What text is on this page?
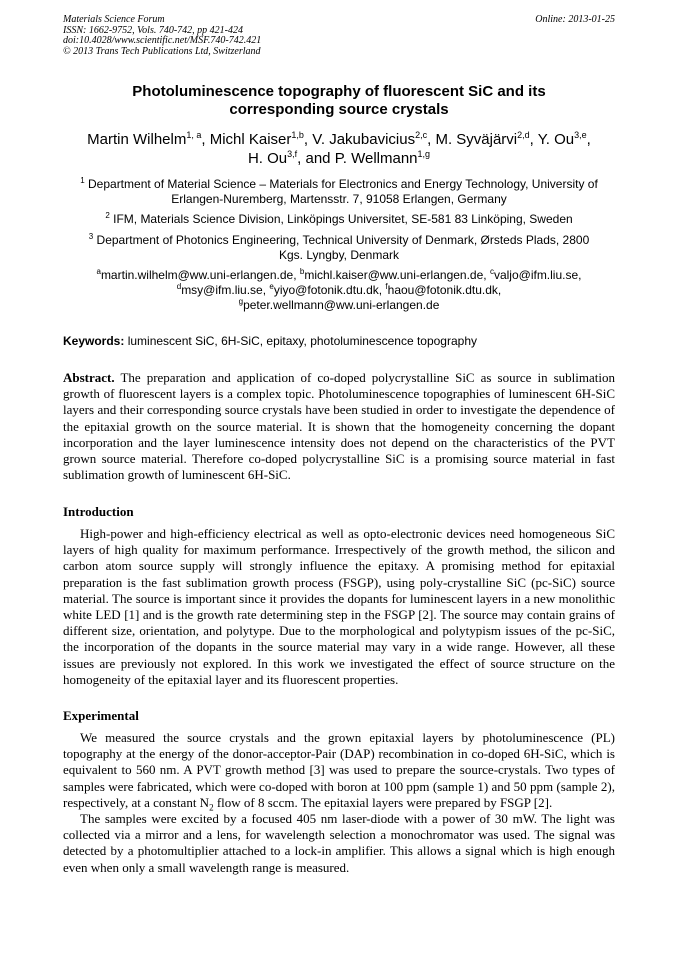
Materials Science Forum
ISSN: 1662-9752, Vols. 740-742, pp 421-424
doi:10.4028/www.scientific.net/MSF.740-742.421
© 2013 Trans Tech Publications Ltd, Switzerland
Online: 2013-01-25
Photoluminescence topography of fluorescent SiC and its
corresponding source crystals
Martin Wilhelm$^{1, a}$, Michl Kaiser$^{1,b}$, V. Jakubavicius$^{2,c}$, M. Syväjärvi$^{2,d}$, Y. Ou$^{3,e}$,
H. Ou$^{3,f}$, and P. Wellmann$^{1,g}$
$^1$ Department of Material Science – Materials for Electronics and Energy Technology, University of
Erlangen-Nuremberg, Martensstr. 7, 91058 Erlangen, Germany
$^2$ IFM, Materials Science Division, Linköpings Universitet, SE-581 83 Linköping, Sweden
$^3$ Department of Photonics Engineering, Technical University of Denmark, Ørsteds Plads, 2800
Kgs. Lyngby, Denmark
$^a$martin.wilhelm@ww.uni-erlangen.de, $^b$michl.kaiser@ww.uni-erlangen.de, $^c$valjo@ifm.liu.se,
$^d$msy@ifm.liu.se, $^e$yiyo@fotonik.dtu.dk, $^f$haou@fotonik.dtu.dk,
$^g$peter.wellmann@ww.uni-erlangen.de
Keywords: luminescent SiC, 6H-SiC, epitaxy, photoluminescence topography

Abstract. The preparation and application of co-doped polycrystalline SiC as source in sublimation growth of fluorescent layers is a complex topic. Photoluminescence topographies of luminescent 6H-SiC layers and their corresponding source crystals have been studied in order to investigate the dependence of the epitaxial growth on the source material. It is shown that the homogeneity concerning the dopant incorporation and the layer luminescence intensity does not depend on the characteristics of the PVT grown source material. Therefore co-doped polycrystalline SiC is a promising source material in fast sublimation growth of luminescent 6H-SiC.

Introduction

High-power and high-efficiency electrical as well as opto-electronic devices need homogeneous SiC layers of high quality for maximum performance. Irrespectively of the growth method, the silicon and carbon atom source supply will strongly influence the epitaxy. A promising method for epitaxial preparation is the fast sublimation growth process (FSGP), using poly-crystalline SiC (pc-SiC) source material. The source is important since it provides the dopants for luminescent layers in a new monolithic white LED [1] and is the growth rate determining step in the FSGP [2]. The source may contain grains of different size, orientation, and polytype. Due to the morphological and polytypism issues of the pc-SiC, the incorporation of the dopants in the source material may vary in a wide range. However, all these issues are previously not explored. In this work we investigated the effect of source structure on the homogeneity of the epitaxial layer and its fluorescent properties.

Experimental

We measured the source crystals and the grown epitaxial layers by photoluminescence (PL) topography at the energy of the donor-acceptor-Pair (DAP) recombination in co-doped 6H-SiC, which is equivalent to 560 nm. A PVT growth method [3] was used to prepare the source-crystals. Two types of samples were fabricated, which were co-doped with boron at 100 ppm (sample 1) and 50 ppm (sample 2), respectively, at a constant $N_2$ flow of 8 sccm. The epitaxial layers were prepared by FSGP [2].

The samples were excited by a focused 405 nm laser-diode with a power of 30 mW. The light was collected via a mirror and a lens, for wavelength selection a monochromator was used. The signal was detected by a photomultiplier attached to a lock-in amplifier. This allows a signal which is high enough even when only a small wavelength range is measured.
